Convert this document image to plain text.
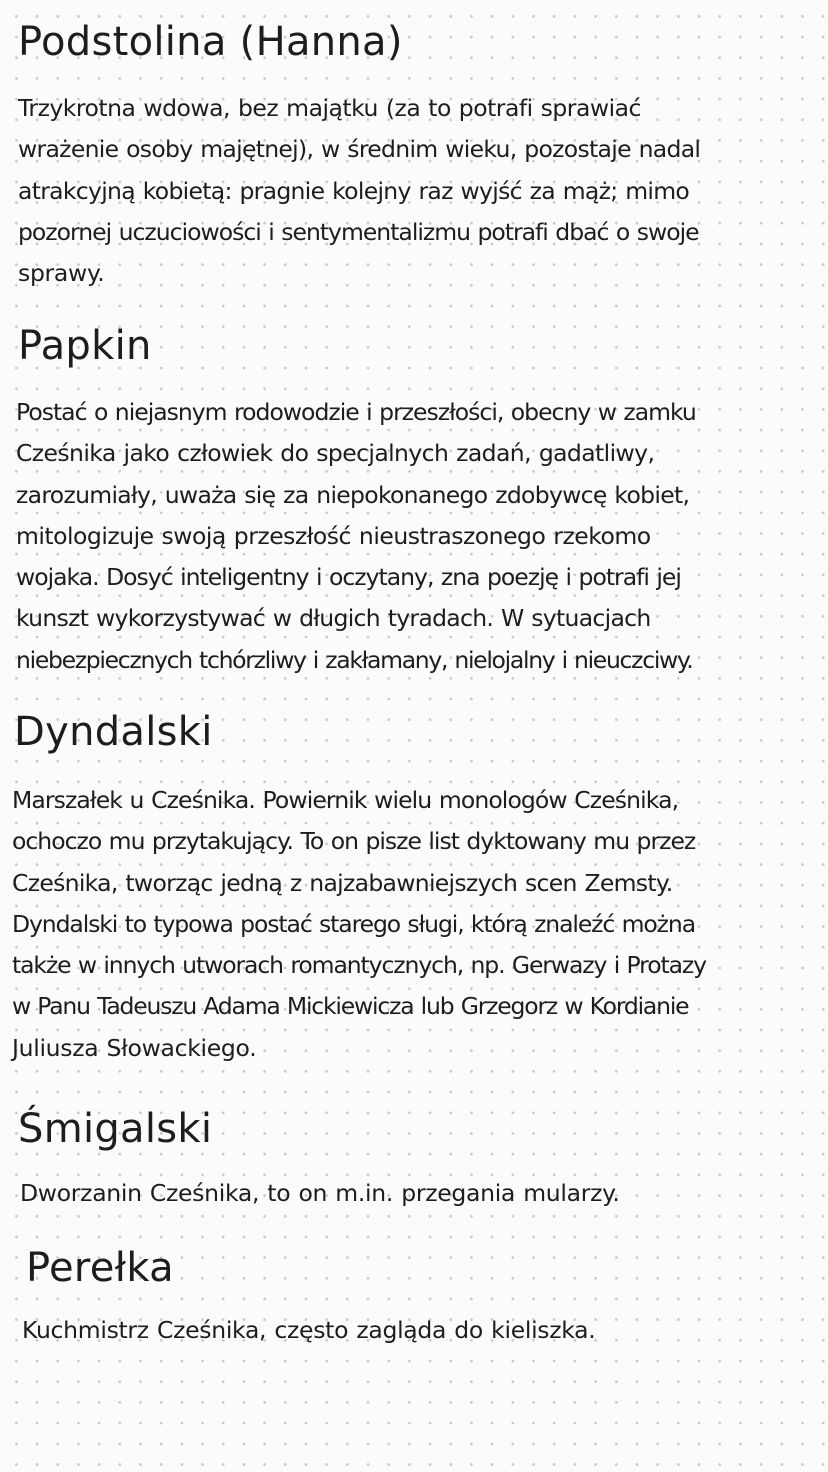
Podstolina (Hanna)
Trzykrotna wdowa, bez majątku (za to potrafi sprawiać
wrażenie osoby majętnej), w średnim wieku, pozostaje nadal
atrakcyjną kobietą: pragnie kolejny raz wyjść za mąż; mimo
pozornej uczuciowości i sentymentalizmu potrafi dbać o swoje
sprawy.
Papkin
Postać o niejasnym rodowodzie i przeszłości, obecny w zamku
Cześnika jako człowiek do specjalnych zadań, gadatliwy,
zarozumiały, uważa się za niepokonanego zdobywcę kobiet,
mitologizuje swoją przeszłość nieustraszonego rzekomo
wojaka. Dosyć inteligentny i oczytany, zna poezję i potrafi jej
kunszt wykorzystywać w długich tyradach. W sytuacjach
niebezpiecznych tchórzliwy i zakłamany, nielojalny i nieuczciwy.
Dyndalski
Marszałek u Cześnika. Powiernik wielu monologów Cześnika,
ochoczo mu przytakujący. To on pisze list dyktowany mu przez
Cześnika, tworząc jedną z najzabawniejszych scen Zemsty.
Dyndalski to typowa postać starego sługi, którą znaleźć można
także w innych utworach romantycznych, np. Gerwazy i Protazy
w Panu Tadeuszu Adama Mickiewicza lub Grzegorz w Kordianie
Juliusza Słowackiego.
Śmigalski
Dworzanin Cześnika, to on m.in. przegania mularzy.
Perełka
Kuchmistrz Cześnika, często zagląda do kieliszka.
